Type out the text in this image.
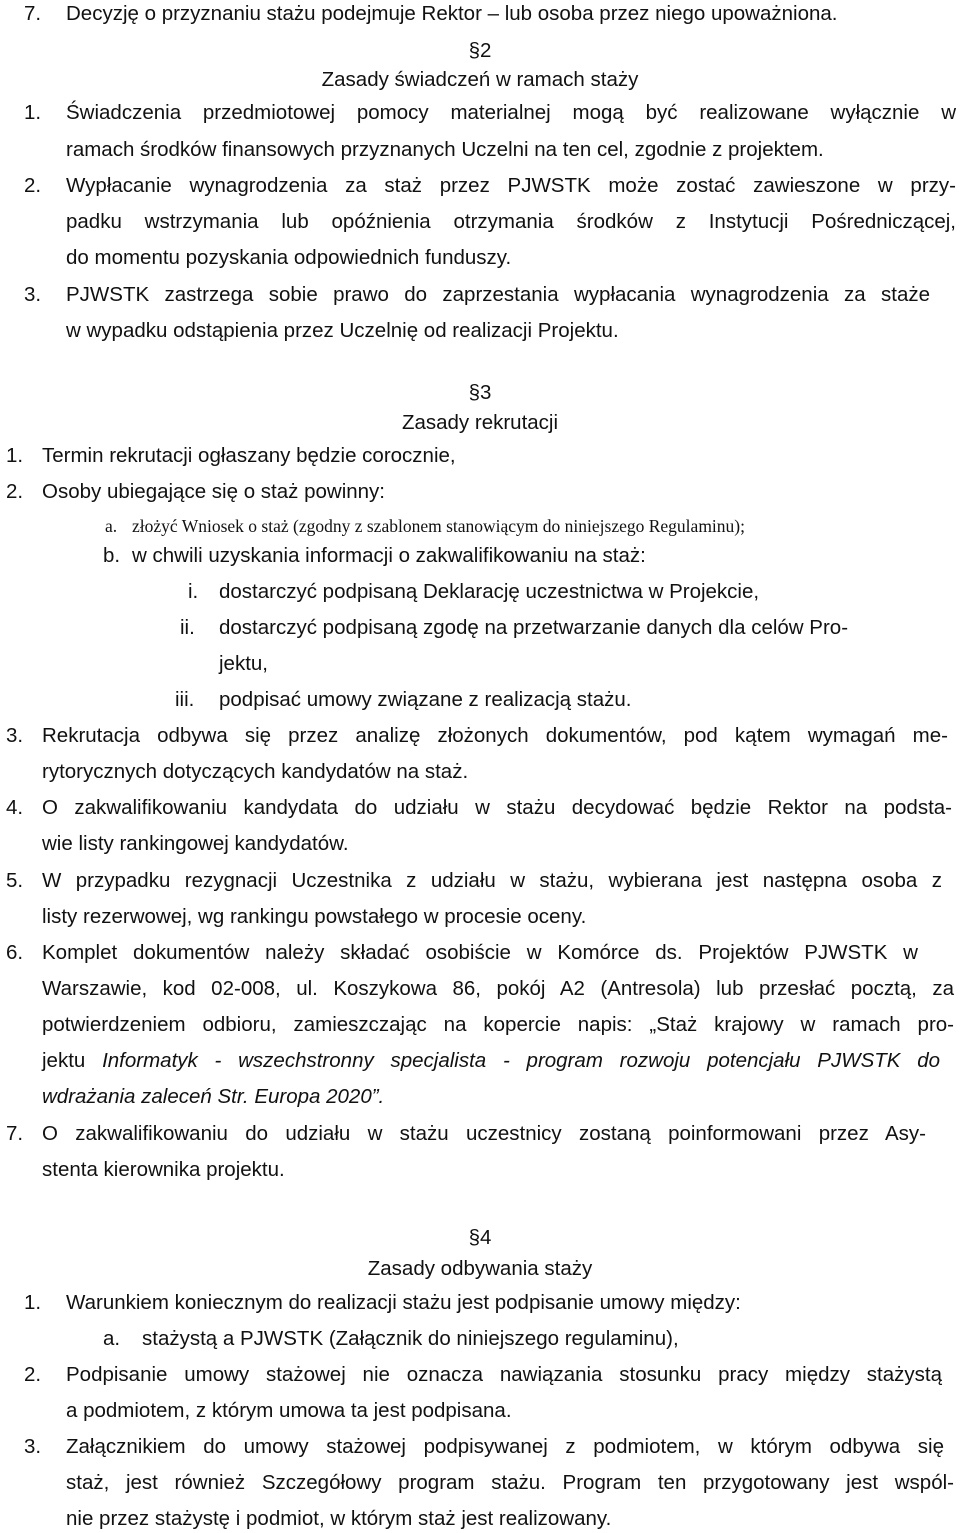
7. Decyzję o przyznaniu stażu podejmuje Rektor – lub osoba przez niego upoważniona.
§2
Zasady świadczeń w ramach staży
1. Świadczenia przedmiotowej pomocy materialnej mogą być realizowane wyłącznie w
ramach środków finansowych przyznanych Uczelni na ten cel, zgodnie z projektem.
2. Wypłacanie wynagrodzenia za staż przez PJWSTK może zostać zawieszone w przy-
padku wstrzymania lub opóźnienia otrzymania środków z Instytucji Pośredniczącej,
do momentu pozyskania odpowiednich funduszy.
3. PJWSTK zastrzega sobie prawo do zaprzestania wypłacania wynagrodzenia za staże
w wypadku odstąpienia przez Uczelnię od realizacji Projektu.
§3
Zasady rekrutacji
1. Termin rekrutacji ogłaszany będzie corocznie,
2. Osoby ubiegające się o staż powinny:
a. złożyć Wniosek o staż (zgodny z szablonem stanowiącym do niniejszego Regulaminu);
b. w chwili uzyskania informacji o zakwalifikowaniu na staż:
i. dostarczyć podpisaną Deklarację uczestnictwa w Projekcie,
ii. dostarczyć podpisaną zgodę na przetwarzanie danych dla celów Pro-
jektu,
iii. podpisać umowy związane z realizacją stażu.
3. Rekrutacja odbywa się przez analizę złożonych dokumentów, pod kątem wymagań me-
rytorycznych dotyczących kandydatów na staż.
4. O zakwalifikowaniu kandydata do udziału w stażu decydować będzie Rektor na podsta-
wie listy rankingowej kandydatów.
5. W przypadku rezygnacji Uczestnika z udziału w stażu, wybierana jest następna osoba z
listy rezerwowej, wg rankingu powstałego w procesie oceny.
6. Komplet dokumentów należy składać osobiście w Komórce ds. Projektów PJWSTK w
Warszawie, kod 02-008, ul. Koszykowa 86, pokój A2 (Antresola) lub przesłać pocztą, za
potwierdzeniem odbioru, zamieszczając na kopercie napis: „Staż krajowy w ramach pro-
jektu Informatyk - wszechstronny specjalista - program rozwoju potencjału PJWSTK do
wdrażania zaleceń Str. Europa 2020”.
7. O zakwalifikowaniu do udziału w stażu uczestnicy zostaną poinformowani przez Asy-
stenta kierownika projektu.
§4
Zasady odbywania staży
1. Warunkiem koniecznym do realizacji stażu jest podpisanie umowy między:
a. stażystą a PJWSTK (Załącznik do niniejszego regulaminu),
2. Podpisanie umowy stażowej nie oznacza nawiązania stosunku pracy między stażystą
a podmiotem, z którym umowa ta jest podpisana.
3. Załącznikiem do umowy stażowej podpisywanej z podmiotem, w którym odbywa się
staż, jest również Szczegółowy program stażu. Program ten przygotowany jest wspól-
nie przez stażystę i podmiot, w którym staż jest realizowany.
